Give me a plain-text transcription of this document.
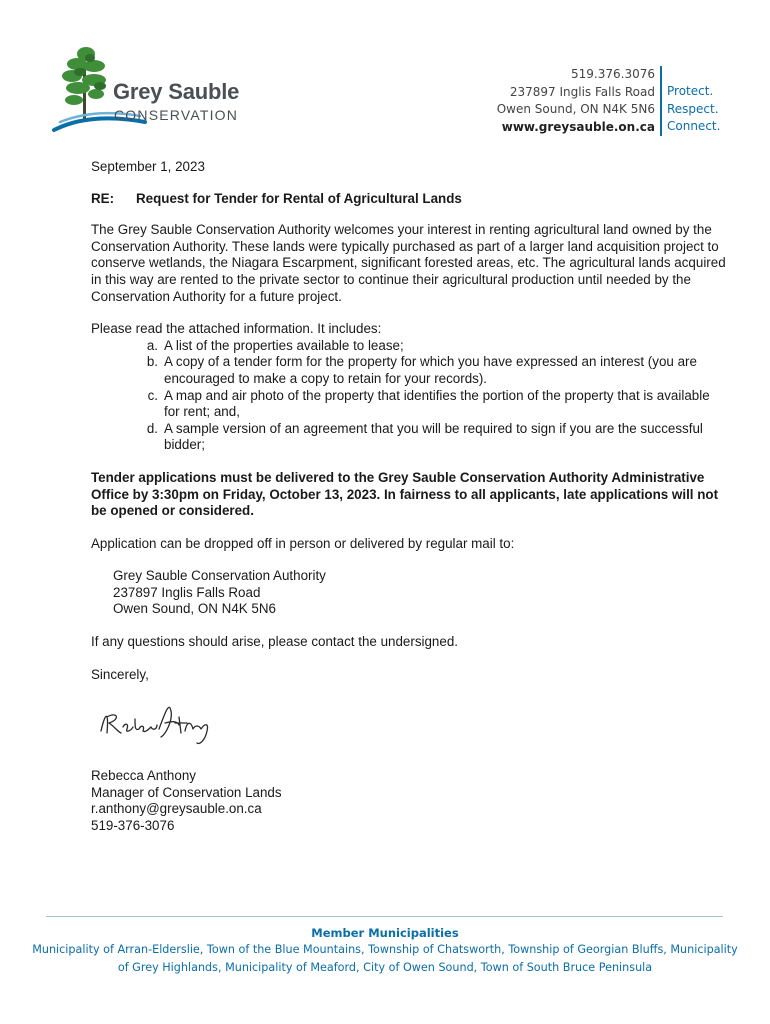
Grey Sauble
CONSERVATION
519.376.3076
237897 Inglis Falls Road
Owen Sound, ON N4K 5N6
www.greysauble.on.ca
Protect.
Respect.
Connect.

September 1, 2023

RE:	Request for Tender for Rental of Agricultural Lands

The Grey Sauble Conservation Authority welcomes your interest in renting agricultural land owned by the Conservation Authority. These lands were typically purchased as part of a larger land acquisition project to conserve wetlands, the Niagara Escarpment, significant forested areas, etc. The agricultural lands acquired in this way are rented to the private sector to continue their agricultural production until needed by the Conservation Authority for a future project.

Please read the attached information. It includes:

a. A list of the properties available to lease;
b. A copy of a tender form for the property for which you have expressed an interest (you are encouraged to make a copy to retain for your records).
c. A map and air photo of the property that identifies the portion of the property that is available for rent; and,
d. A sample version of an agreement that you will be required to sign if you are the successful bidder;

Tender applications must be delivered to the Grey Sauble Conservation Authority Administrative Office by 3:30pm on Friday, October 13, 2023. In fairness to all applicants, late applications will not be opened or considered.

Application can be dropped off in person or delivered by regular mail to:

Grey Sauble Conservation Authority
237897 Inglis Falls Road
Owen Sound, ON N4K 5N6

If any questions should arise, please contact the undersigned.

Sincerely,

Rebecca Anthony
Manager of Conservation Lands
r.anthony@greysauble.on.ca
519-376-3076
Member Municipalities
Municipality of Arran-Elderslie, Town of the Blue Mountains, Township of Chatsworth, Township of Georgian Bluffs, Municipality
of Grey Highlands, Municipality of Meaford, City of Owen Sound, Town of South Bruce Peninsula
